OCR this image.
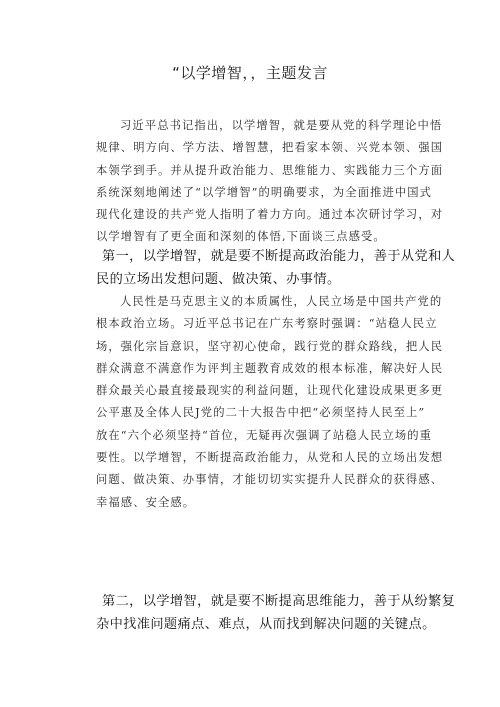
“以学增智，，主题发言
习近平总书记指出，以学增智，就是要从党的科学理论中悟
规律、明方向、学方法、增智慧，把看家本领、兴党本领、强国
本领学到手。并从提升政治能力、思维能力、实践能力三个方面
系统深刻地阐述了“以学增智”的明确要求，为全面推进中国式
现代化建设的共产党人指明了着力方向。通过本次研讨学习，对
以学增智有了更全面和深刻的体悟,下面谈三点感受。
第一，以学增智，就是要不断提高政治能力，善于从党和人
民的立场出发想问题、做决策、办事情。
人民性是马克思主义的本质属性，人民立场是中国共产党的
根本政治立场。习近平总书记在广东考察时强调：“站稳人民立
场，强化宗旨意识，坚守初心使命，践行党的群众路线，把人民
群众满意不满意作为评判主题教育成效的根本标准，解决好人民
群众最关心最直接最现实的利益问题，让现代化建设成果更多更
公平惠及全体人民J党的二十大报告中把“必须坚持人民至上”
放在“六个必须坚持“首位，无疑再次强调了站稳人民立场的重
要性。以学增智，不断提高政治能力，从党和人民的立场出发想
问题、做决策、办事情，才能切切实实提升人民群众的获得感、
幸福感、安全感。
第二，以学增智，就是要不断提高思维能力，善于从纷繁复
杂中找准问题痛点、难点，从而找到解决问题的关键点。
